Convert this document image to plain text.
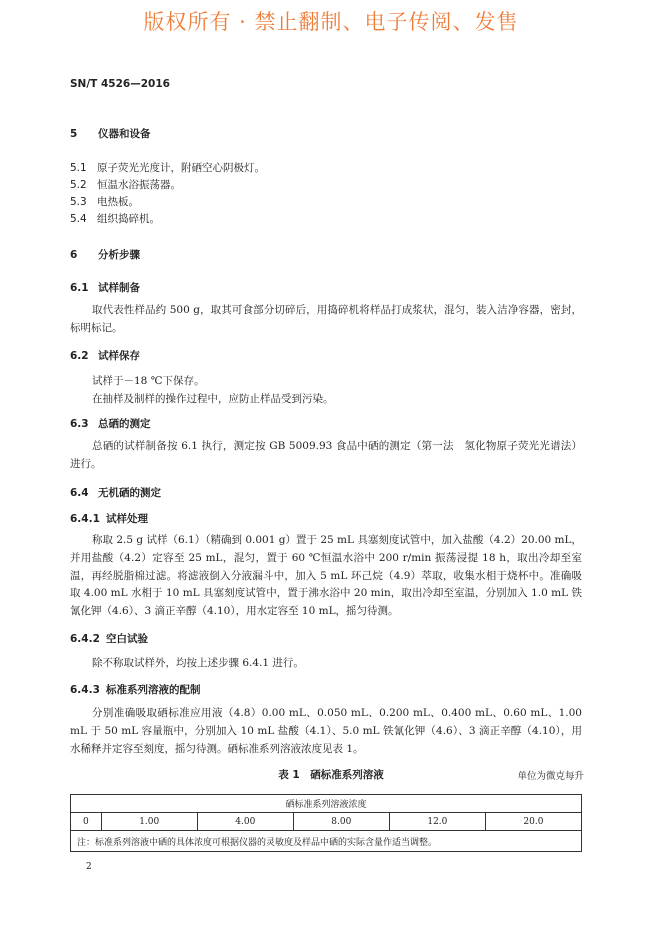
版权所有 · 禁止翻制、电子传阅、发售
SN/T 4526—2016
5 仪器和设备
5.1 原子荧光光度计，附硒空心阴极灯。
5.2 恒温水浴振荡器。
5.3 电热板。
5.4 组织捣碎机。
6 分析步骤
6.1 试样制备
取代表性样品约 500 g，取其可食部分切碎后，用捣碎机将样品打成浆状，混匀，装入洁净容器，密封，标明标记。
6.2 试样保存
试样于－18 ℃下保存。
在抽样及制样的操作过程中，应防止样品受到污染。
6.3 总硒的测定
总硒的试样制备按 6.1 执行，测定按 GB 5009.93 食品中硒的测定（第一法　氢化物原子荧光光谱法）进行。
6.4 无机硒的测定
6.4.1 试样处理
称取 2.5 g 试样（6.1）（精确到 0.001 g）置于 25 mL 具塞刻度试管中，加入盐酸（4.2）20.00 mL，并用盐酸（4.2）定容至 25 mL，混匀，置于 60 ℃恒温水浴中 200 r/min 振荡浸提 18 h，取出冷却至室温，再经脱脂棉过滤。将滤液倒入分液漏斗中，加入 5 mL 环己烷（4.9）萃取，收集水相于烧杯中。准确吸取 4.00 mL 水相于 10 mL 具塞刻度试管中，置于沸水浴中 20 min，取出冷却至室温，分别加入 1.0 mL 铁氰化钾（4.6）、3 滴正辛醇（4.10），用水定容至 10 mL，摇匀待测。
6.4.2 空白试验
除不称取试样外，均按上述步骤 6.4.1 进行。
6.4.3 标准系列溶液的配制
分别准确吸取硒标准应用液（4.8）0.00 mL、0.050 mL、0.200 mL、0.400 mL、0.60 mL、1.00 mL 于 50 mL 容量瓶中，分别加入 10 mL 盐酸（4.1）、5.0 mL 铁氰化钾（4.6）、3 滴正辛醇（4.10），用水稀释并定容至刻度，摇匀待测。硒标准系列溶液浓度见表 1。
表 1　硒标准系列溶液	单位为微克每升
硒标准系列溶液浓度
0	1.00	4.00	8.00	12.0	20.0
注：标准系列溶液中硒的具体浓度可根据仪器的灵敏度及样品中硒的实际含量作适当调整。
2
